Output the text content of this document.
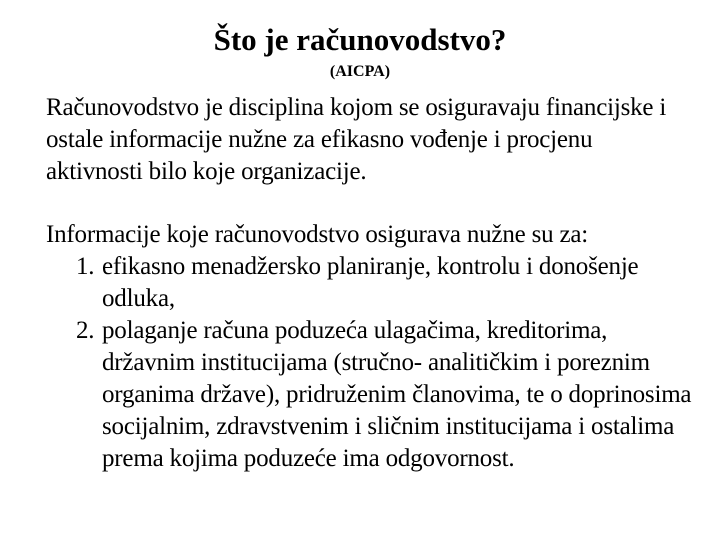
Što je računovodstvo?
(AICPA)

Računovodstvo je disciplina kojom se osiguravaju financijske i ostale informacije nužne za efikasno vođenje i procjenu aktivnosti bilo koje organizacije.

Informacije koje računovodstvo osigurava nužne su za:

1. efikasno menadžersko planiranje, kontrolu i donošenje odluka,
2. polaganje računa poduzeća ulagačima, kreditorima, državnim institucijama (stručno- analitičkim i poreznim organima države), pridruženim članovima, te o doprinosima socijalnim, zdravstvenim i sličnim institucijama i ostalima prema kojima poduzeće ima odgovornost.
